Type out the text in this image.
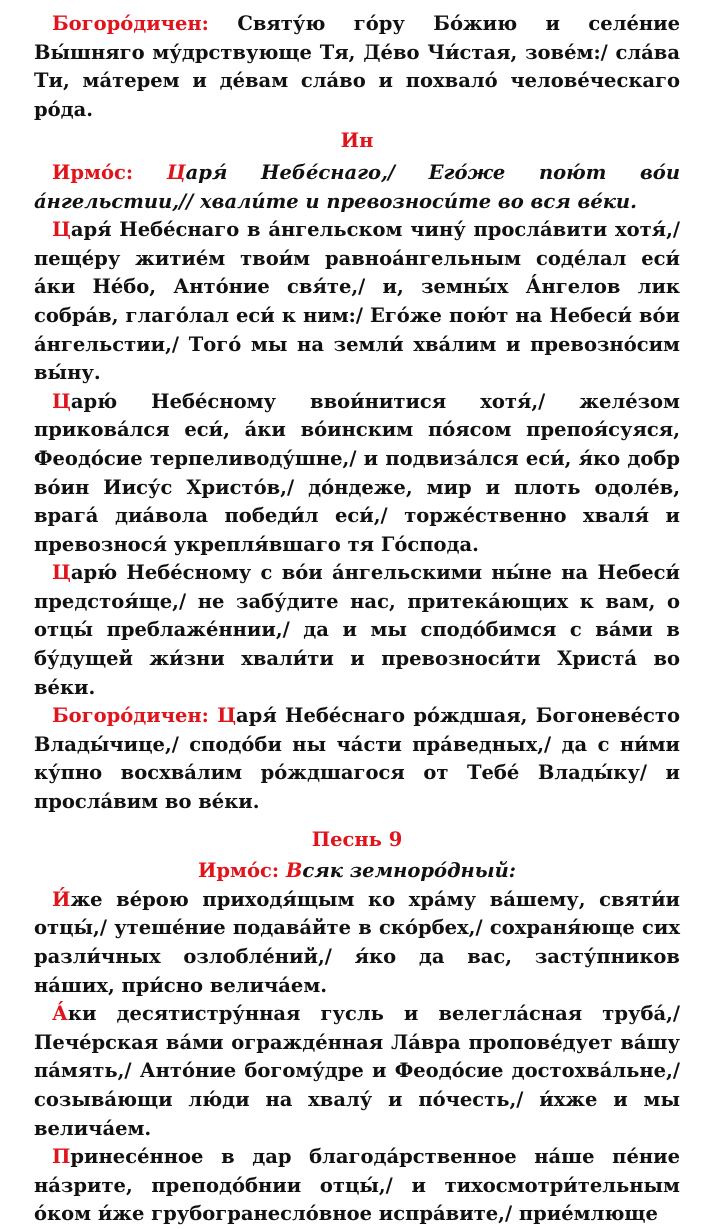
Богоро́дичен: Святу́ю го́ру Бо́жию и селе́ние Вы́шняго му́дрствующе Тя, Де́во Чи́стая, зове́м:/ сла́ва Ти, ма́терем и де́вам сла́во и похвало́ челове́ческаго ро́да.

Ин

Ирмо́с: Царя́ Небе́снаго,/ Его́же пою́т во́и а́нгельстии,// хвали́те и превозноси́те во вся ве́ки.

Царя́ Небе́снаго в а́нгельском чину́ просла́вити хотя́,/ пеще́ру житие́м твои́м равноа́нгельным соде́лал еси́ а́ки Не́бо, Анто́ние свя́те,/ и, земны́х А́нгелов лик собра́в, глаго́лал еси́ к ним:/ Его́же пою́т на Небеси́ во́и а́нгельстии,/ Того́ мы на земли́ хва́лим и превозно́сим вы́ну.

Царю́ Небе́сному ввои́нитися хотя́,/ желе́зом прикова́лся еси́, а́ки во́инским по́ясом препоя́суяся, Феодо́сие терпеливоду́шне,/ и подвиза́лся еси́, я́ко добр во́ин Иису́с Христо́в,/ до́ндеже, мир и плоть одоле́в, врага́ диа́вола победи́л еси́,/ торже́ственно хваля́ и превознося́ укрепля́вшаго тя Го́спода.

Царю́ Небе́сному с во́и а́нгельскими ны́не на Небеси́ предстоя́ще,/ не забу́дите нас, притека́ющих к вам, о отцы́ преблаже́ннии,/ да и мы сподо́бимся с ва́ми в бу́дущей жи́зни хвали́ти и превозноси́ти Христа́ во ве́ки.

Богоро́дичен: Царя́ Небе́снаго ро́ждшая, Богоневе́сто Влады́чице,/ сподо́би ны ча́сти пра́ведных,/ да с ни́ми ку́пно восхва́лим ро́ждшагося от Тебе́ Влады́ку/ и просла́вим во ве́ки.

Песнь 9

Ирмо́с: Всяк земноро́дный:

И́же ве́рою приходя́щым ко хра́му ва́шему, святи́и отцы́,/ утеше́ние подава́йте в ско́рбех,/ сохраня́юще сих разли́чных озлобле́ний,/ я́ко да вас, засту́пников на́ших, при́сно велича́ем.

А́ки десятистру́нная гусль и велегла́сная труба́,/ Пече́рская ва́ми огражде́нная Ла́вра пропове́дует ва́шу па́мять,/ Анто́ние богому́дре и Феодо́сие достохва́льне,/ созыва́ющи лю́ди на хвалу́ и по́честь,/ и́хже и мы велича́ем.

Принесе́нное в дар благода́рственное на́ше пе́ние на́зрите, преподо́бнии отцы́,/ и тихосмотри́тельным о́ком и́же грубогранесло́вное испра́вите,/ прие́млюще
